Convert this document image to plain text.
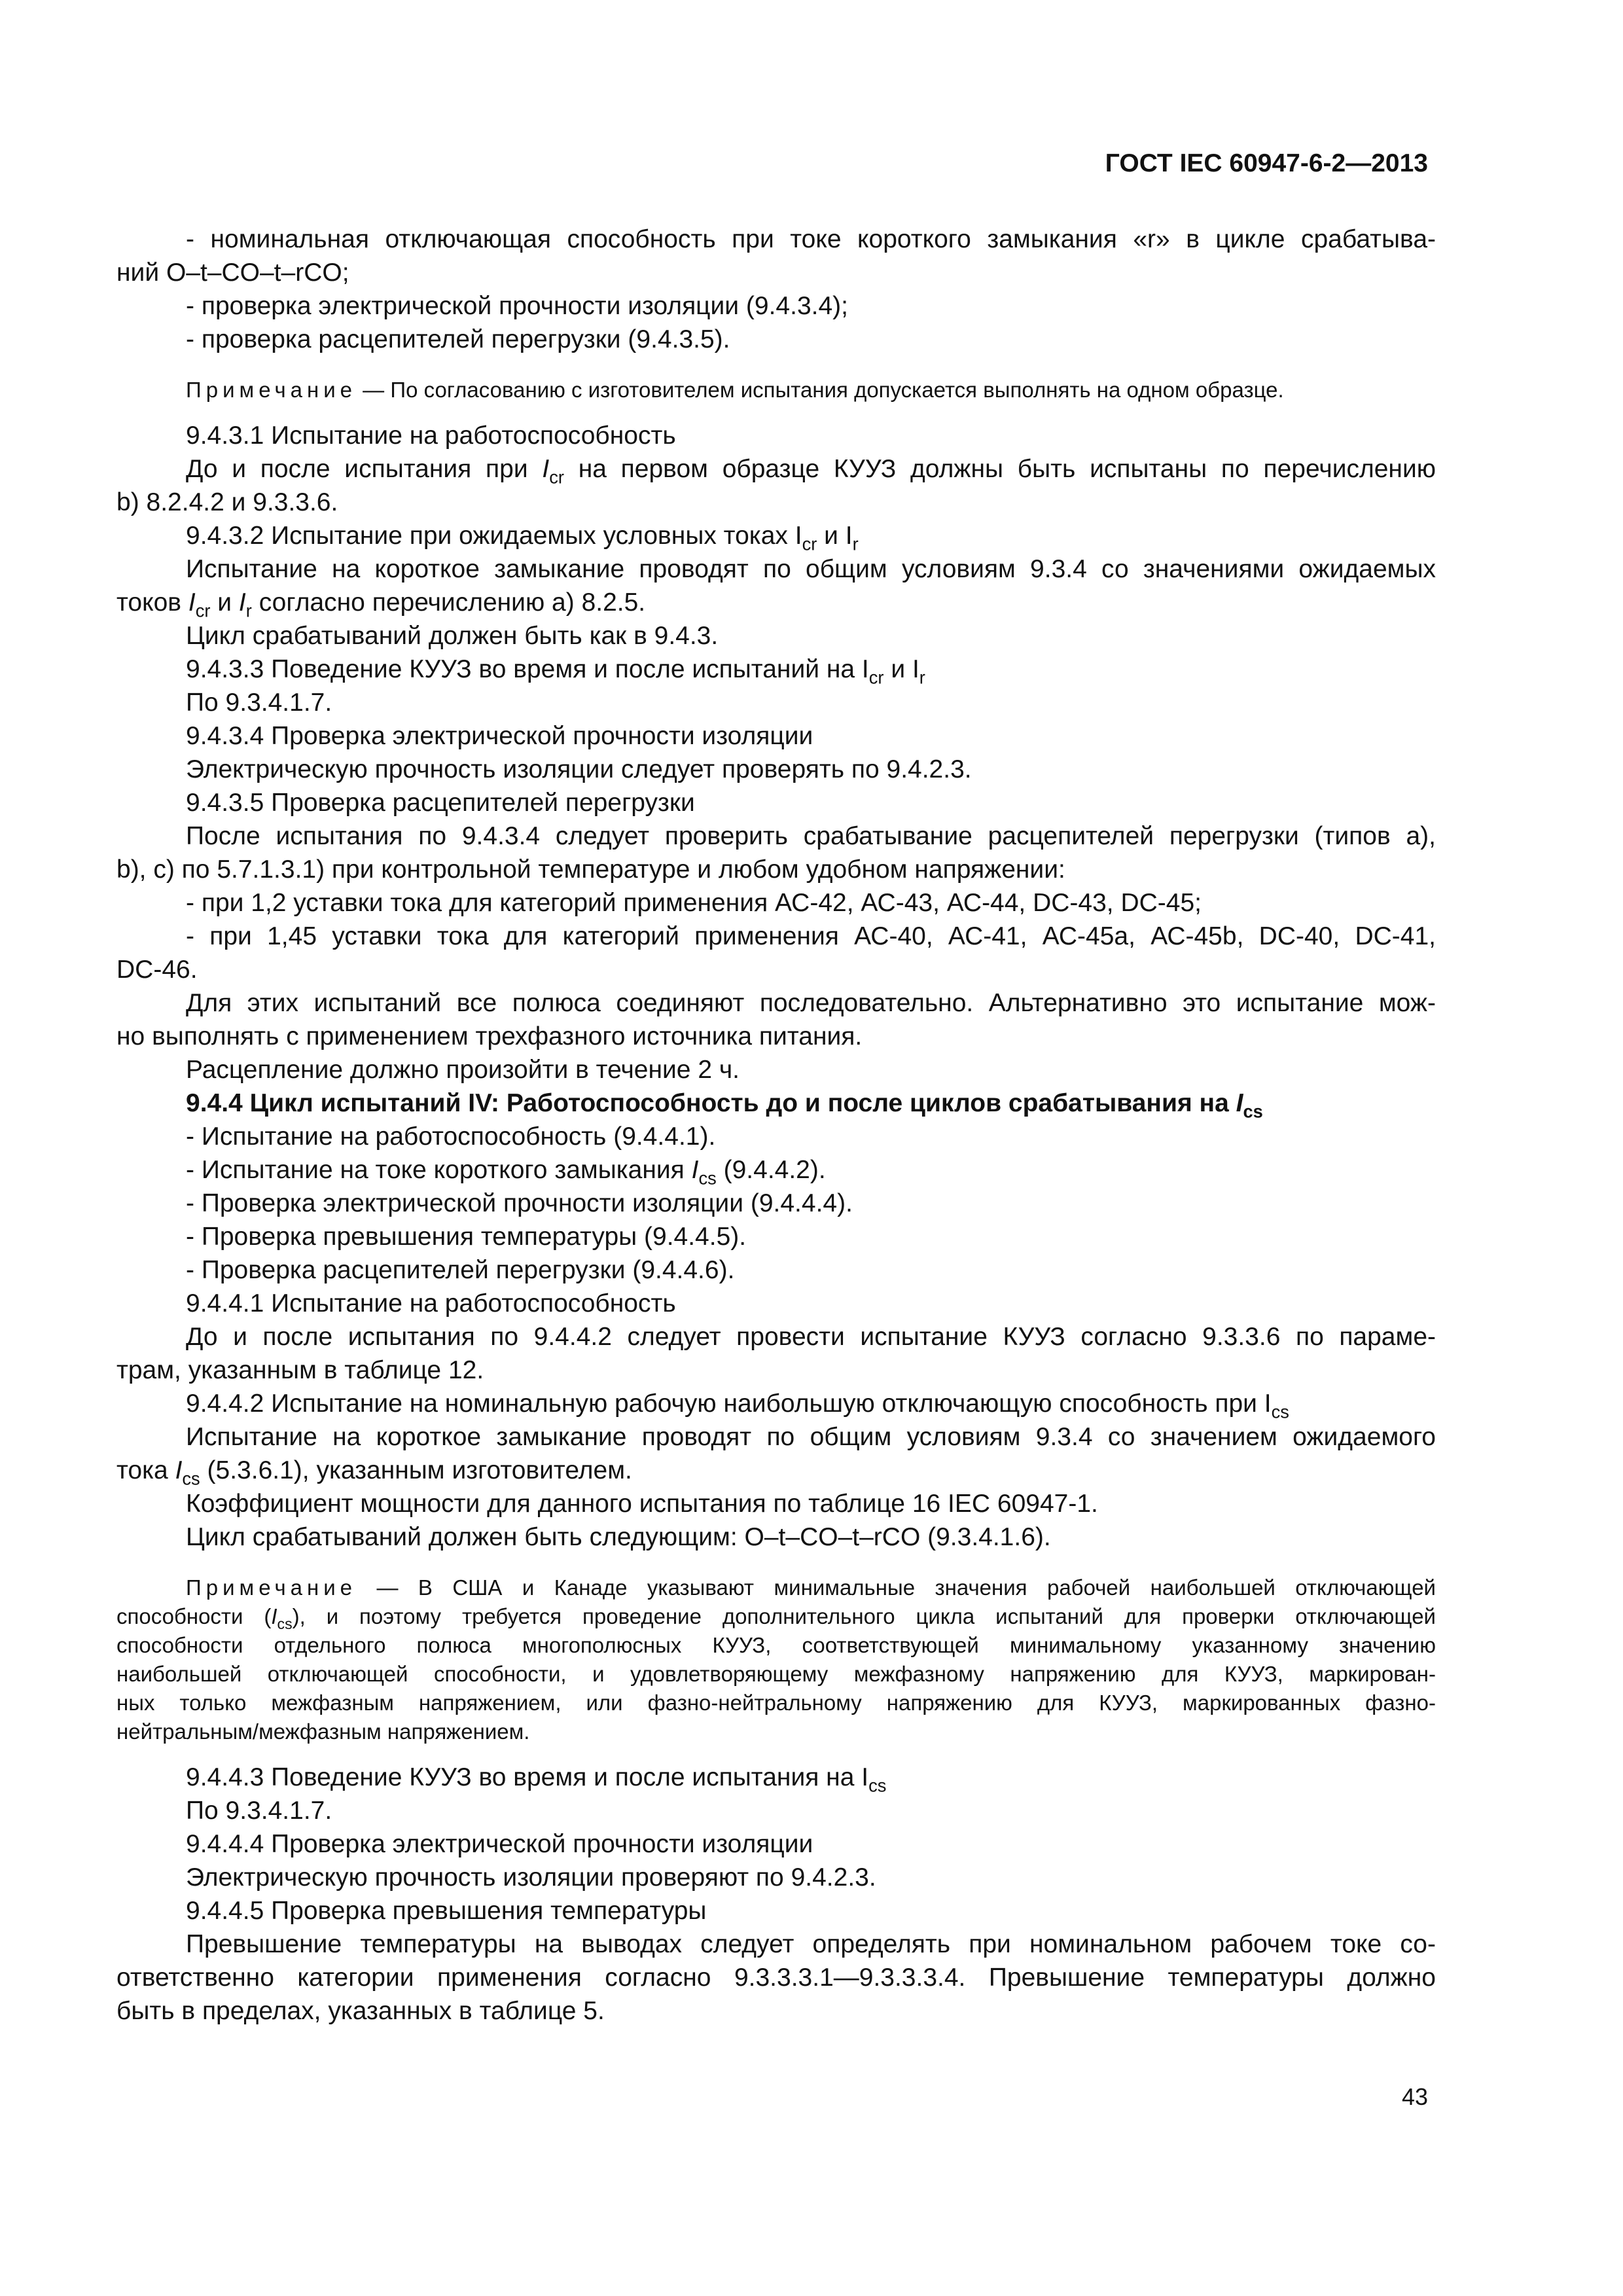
ГОСТ IEC 60947-6-2—2013

- номинальная отключающая способность при токе короткого замыкания «r» в цикле срабатыва-

ний O–t–CO–t–rCO;

- проверка электрической прочности изоляции (9.4.3.4);

- проверка расцепителей перегрузки (9.4.3.5).

Примечание — По согласованию с изготовителем испытания допускается выполнять на одном образце.

9.4.3.1 Испытание на работоспособность

До и после испытания при $I_{cr}$ на первом образце КУУЗ должны быть испытаны по перечислению

b) 8.2.4.2 и 9.3.3.6.

9.4.3.2 Испытание при ожидаемых условных токах $I_{cr}$ и $I_r$

Испытание на короткое замыкание проводят по общим условиям 9.3.4 со значениями ожидаемых

токов $I_{cr}$ и $I_r$ согласно перечислению а) 8.2.5.

Цикл срабатываний должен быть как в 9.4.3.

9.4.3.3 Поведение КУУЗ во время и после испытаний на $I_{cr}$ и $I_r$

По 9.3.4.1.7.

9.4.3.4 Проверка электрической прочности изоляции

Электрическую прочность изоляции следует проверять по 9.4.2.3.

9.4.3.5 Проверка расцепителей перегрузки

После испытания по 9.4.3.4 следует проверить срабатывание расцепителей перегрузки (типов а),

b), с) по 5.7.1.3.1) при контрольной температуре и любом удобном напряжении:

- при 1,2 уставки тока для категорий применения АС-42, АС-43, АС-44, DC-43, DC-45;

- при 1,45 уставки тока для категорий применения АС-40, АС-41, АС-45a, АС-45b, DC-40, DC-41,

DC-46.

Для этих испытаний все полюса соединяют последовательно. Альтернативно это испытание мож-

но выполнять с применением трехфазного источника питания.

Расцепление должно произойти в течение 2 ч.

9.4.4 Цикл испытаний IV: Работоспособность до и после циклов срабатывания на $I_{cs}$

- Испытание на работоспособность (9.4.4.1).

- Испытание на токе короткого замыкания $I_{cs}$ (9.4.4.2).

- Проверка электрической прочности изоляции (9.4.4.4).

- Проверка превышения температуры (9.4.4.5).

- Проверка расцепителей перегрузки (9.4.4.6).

9.4.4.1 Испытание на работоспособность

До и после испытания по 9.4.4.2 следует провести испытание КУУЗ согласно 9.3.3.6 по параме-

трам, указанным в таблице 12.

9.4.4.2 Испытание на номинальную рабочую наибольшую отключающую способность при $I_{cs}$

Испытание на короткое замыкание проводят по общим условиям 9.3.4 со значением ожидаемого

тока $I_{cs}$ (5.3.6.1), указанным изготовителем.

Коэффициент мощности для данного испытания по таблице 16 IEC 60947-1.

Цикл срабатываний должен быть следующим: O–t–CO–t–rCO (9.3.4.1.6).

Примечание — В США и Канаде указывают минимальные значения рабочей наибольшей отключающей

способности $(I_{cs})$, и поэтому требуется проведение дополнительного цикла испытаний для проверки отключающей

способности отдельного полюса многополюсных КУУЗ, соответствующей минимальному указанному значению

наибольшей отключающей способности, и удовлетворяющему межфазному напряжению для КУУЗ, маркирован-

ных только межфазным напряжением, или фазно-нейтральному напряжению для КУУЗ, маркированных фазно-

нейтральным/межфазным напряжением.

9.4.4.3 Поведение КУУЗ во время и после испытания на $I_{cs}$

По 9.3.4.1.7.

9.4.4.4 Проверка электрической прочности изоляции

Электрическую прочность изоляции проверяют по 9.4.2.3.

9.4.4.5 Проверка превышения температуры

Превышение температуры на выводах следует определять при номинальном рабочем токе со-

ответственно категории применения согласно 9.3.3.3.1—9.3.3.3.4. Превышение температуры должно

быть в пределах, указанных в таблице 5.

43
